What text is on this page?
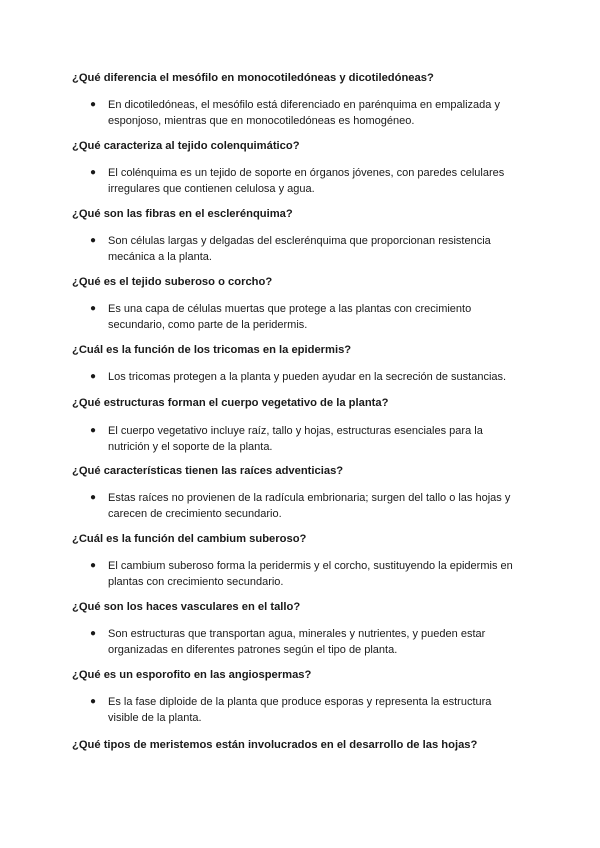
¿Qué diferencia el mesófilo en monocotiledóneas y dicotiledóneas?

● En dicotiledóneas, el mesófilo está diferenciado en parénquima en empalizada y esponjoso, mientras que en monocotiledóneas es homogéneo.

¿Qué caracteriza al tejido colenquimático?

● El colénquima es un tejido de soporte en órganos jóvenes, con paredes celulares irregulares que contienen celulosa y agua.

¿Qué son las fibras en el esclerénquima?

● Son células largas y delgadas del esclerénquima que proporcionan resistencia mecánica a la planta.

¿Qué es el tejido suberoso o corcho?

● Es una capa de células muertas que protege a las plantas con crecimiento secundario, como parte de la peridermis.

¿Cuál es la función de los tricomas en la epidermis?

● Los tricomas protegen a la planta y pueden ayudar en la secreción de sustancias.

¿Qué estructuras forman el cuerpo vegetativo de la planta?

● El cuerpo vegetativo incluye raíz, tallo y hojas, estructuras esenciales para la nutrición y el soporte de la planta.

¿Qué características tienen las raíces adventicias?

● Estas raíces no provienen de la radícula embrionaria; surgen del tallo o las hojas y carecen de crecimiento secundario.

¿Cuál es la función del cambium suberoso?

● El cambium suberoso forma la peridermis y el corcho, sustituyendo la epidermis en plantas con crecimiento secundario.

¿Qué son los haces vasculares en el tallo?

● Son estructuras que transportan agua, minerales y nutrientes, y pueden estar organizadas en diferentes patrones según el tipo de planta.

¿Qué es un esporofito en las angiospermas?

● Es la fase diploide de la planta que produce esporas y representa la estructura visible de la planta.

¿Qué tipos de meristemos están involucrados en el desarrollo de las hojas?
